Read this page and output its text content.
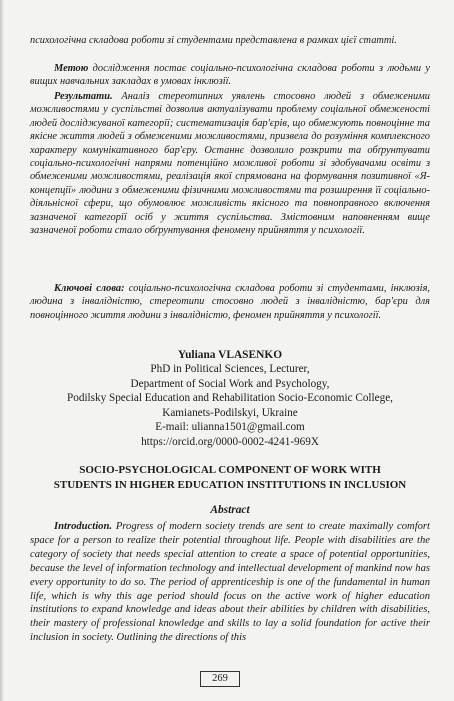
психологічна складова роботи зі студентами представлена в рамках цієї статті.
Метою дослідження постає соціально-психологічна складова роботи з людьми у вищих навчальних закладах в умовах інклюзії.
Результати. Аналіз стереотипних уявлень стосовно людей з обмеженими можливостями у суспільстві дозволив актуалізувати проблему соціальної обмеженості людей досліджуваної категорії; систематизація бар'єрів, що обмежують повноцінне та якісне життя людей з обмеженими можливостями, призвела до розуміння комплексного характеру комунікативного бар'єру. Останнє дозволило розкрити та обґрунтувати соціально-психологічні напрями потенційно можливої роботи зі здобувачами освіти з обмеженими можливостями, реалізація якої спрямована на формування позитивної «Я-концепції» людини з обмеженими фізичними можливостями та розширення її соціально-діяльнісної сфери, що обумовлює можливість якісного та повноправного включення зазначеної категорії осіб у життя суспільства. Змістовним наповненням вище зазначеної роботи стало обґрунтування феномену прийняття у психології.
Ключові слова: соціально-психологічна складова роботи зі студентами, інклюзія, людина з інвалідністю, стереотипи стосовно людей з інвалідністю, бар'єри для повноцінного життя людини з інвалідністю, феномен прийняття у психології.
Yuliana VLASENKO
PhD in Political Sciences, Lecturer,
Department of Social Work and Psychology,
Podilsky Special Education and Rehabilitation Socio-Economic College,
Kamianets-Podilskyi, Ukraine
E-mail: ulianna1501@gmail.com
https://orcid.org/0000-0002-4241-969X
SOCIO-PSYCHOLOGICAL COMPONENT OF WORK WITH
STUDENTS IN HIGHER EDUCATION INSTITUTIONS IN INCLUSION
Abstract
Introduction. Progress of modern society trends are sent to create maximally comfort space for a person to realize their potential throughout life. People with disabilities are the category of society that needs special attention to create a space of potential opportunities, because the level of information technology and intellectual development of mankind now has every opportunity to do so. The period of apprenticeship is one of the fundamental in human life, which is why this age period should focus on the active work of higher education institutions to expand knowledge and ideas about their abilities by children with disabilities, their mastery of professional knowledge and skills to lay a solid foundation for active their inclusion in society. Outlining the directions of this
269
